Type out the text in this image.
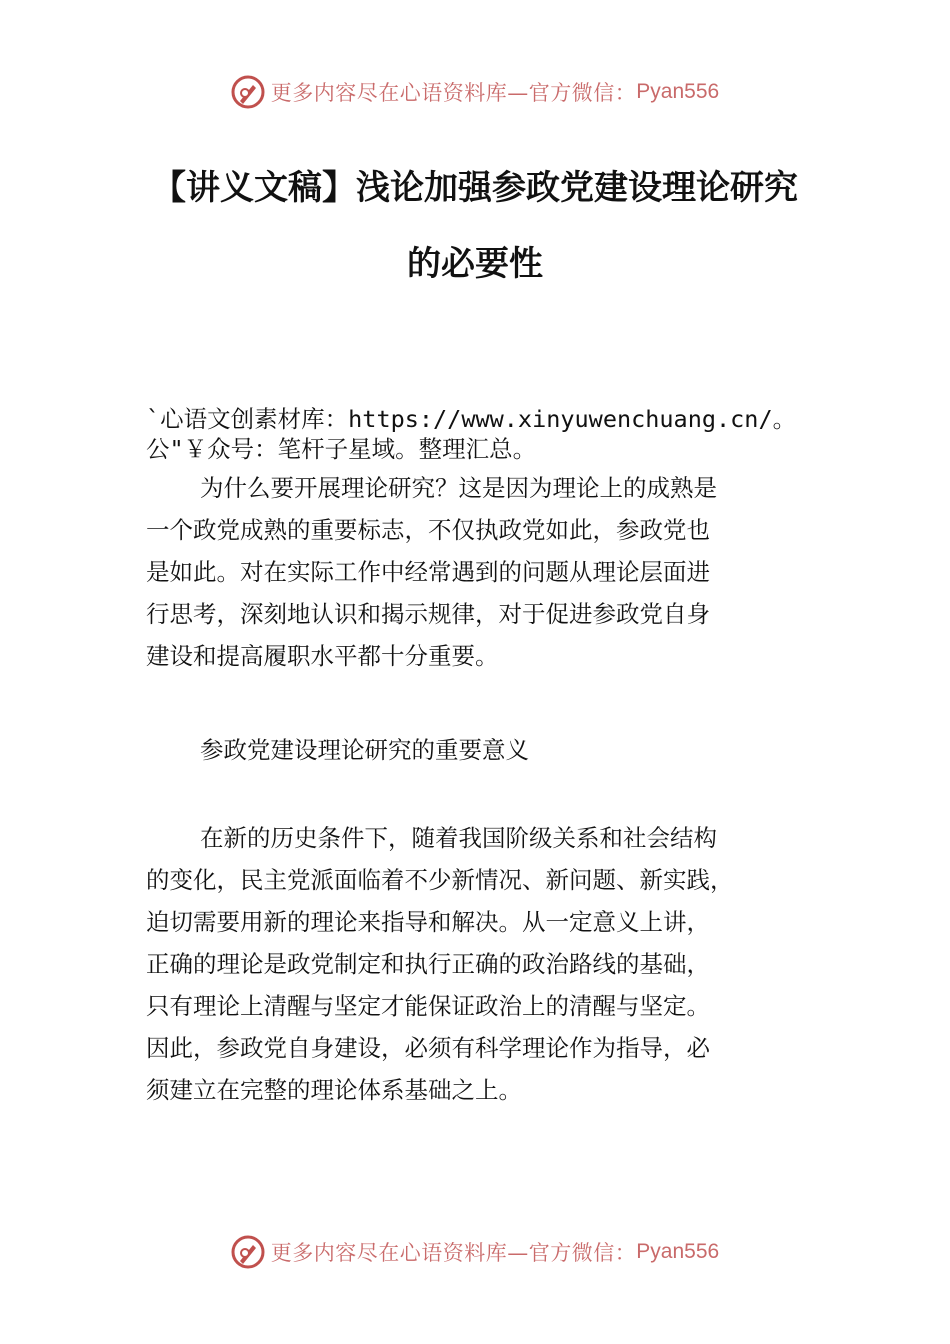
更多内容尽在心语资料库—官方微信： Pyan556
【讲义文稿】浅论加强参政党建设理论研究
的必要性
`心语文创素材库：https://www.xinyuwenchuang.cn/。
公"￥众号：笔杆子星域。整理汇总。
为什么要开展理论研究？这是因为理论上的成熟是
一个政党成熟的重要标志，不仅执政党如此，参政党也
是如此。对在实际工作中经常遇到的问题从理论层面进
行思考，深刻地认识和揭示规律，对于促进参政党自身
建设和提高履职水平都十分重要。
参政党建设理论研究的重要意义
在新的历史条件下，随着我国阶级关系和社会结构
的变化，民主党派面临着不少新情况、新问题、新实践，
迫切需要用新的理论来指导和解决。从一定意义上讲，
正确的理论是政党制定和执行正确的政治路线的基础，
只有理论上清醒与坚定才能保证政治上的清醒与坚定。
因此，参政党自身建设，必须有科学理论作为指导，必
须建立在完整的理论体系基础之上。
更多内容尽在心语资料库—官方微信： Pyan556
